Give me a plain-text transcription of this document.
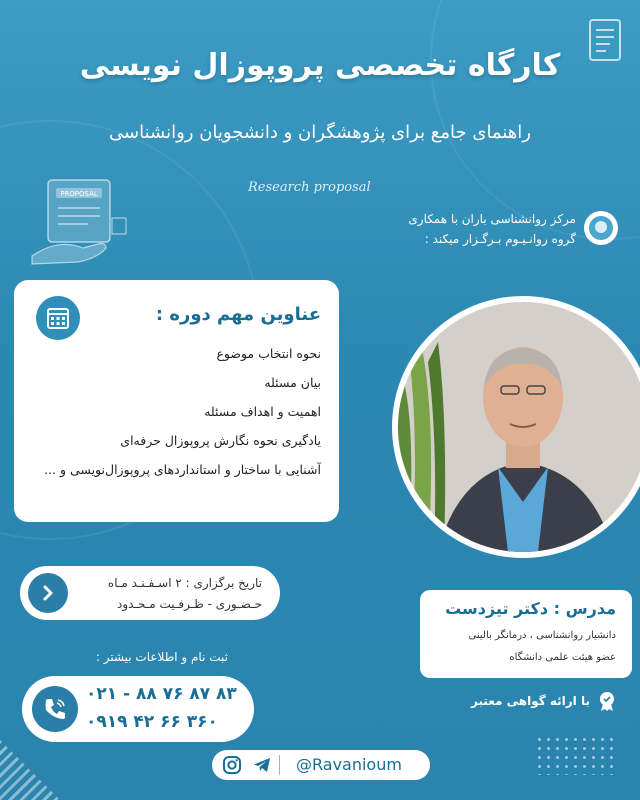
کارگاه تخصصی پروپوزال نویسی
راهنمای جامع برای پژوهشگران و دانشجویان روانشناسی
PROPOSAL	Research proposal
مرکز روانشناسی باران با همکاری
گروه روانـیـوم بـرگـزار میکند :
عناوین مهم دوره :
نحوه انتخاب موضوع
بیان مسئله
اهمیت و اهداف مسئله
یادگیری نحوه نگارش پروپوزال حرفه‌ای
آشنایی با ساختار و استانداردهای پروپوزال‌نویسی و ...
تاریخ برگزاری : ۲ اسـفـنـد مـاه
حـضـوری - ظـرفـیت مـحـدود	مدرس : دکتر تیزدست
دانشیار روانشناسی ، درمانگر بالینی
عضو هیئت علمی دانشگاه
ثبت نام و اطلاعات بیشتر :
۰۲۱ - ۸۸ ۷۶ ۸۷ ۸۳
۰۹۱۹ ۴۲ ۶۶ ۳۶۰
با ارائه گواهی معتبر
@Ravanioum
